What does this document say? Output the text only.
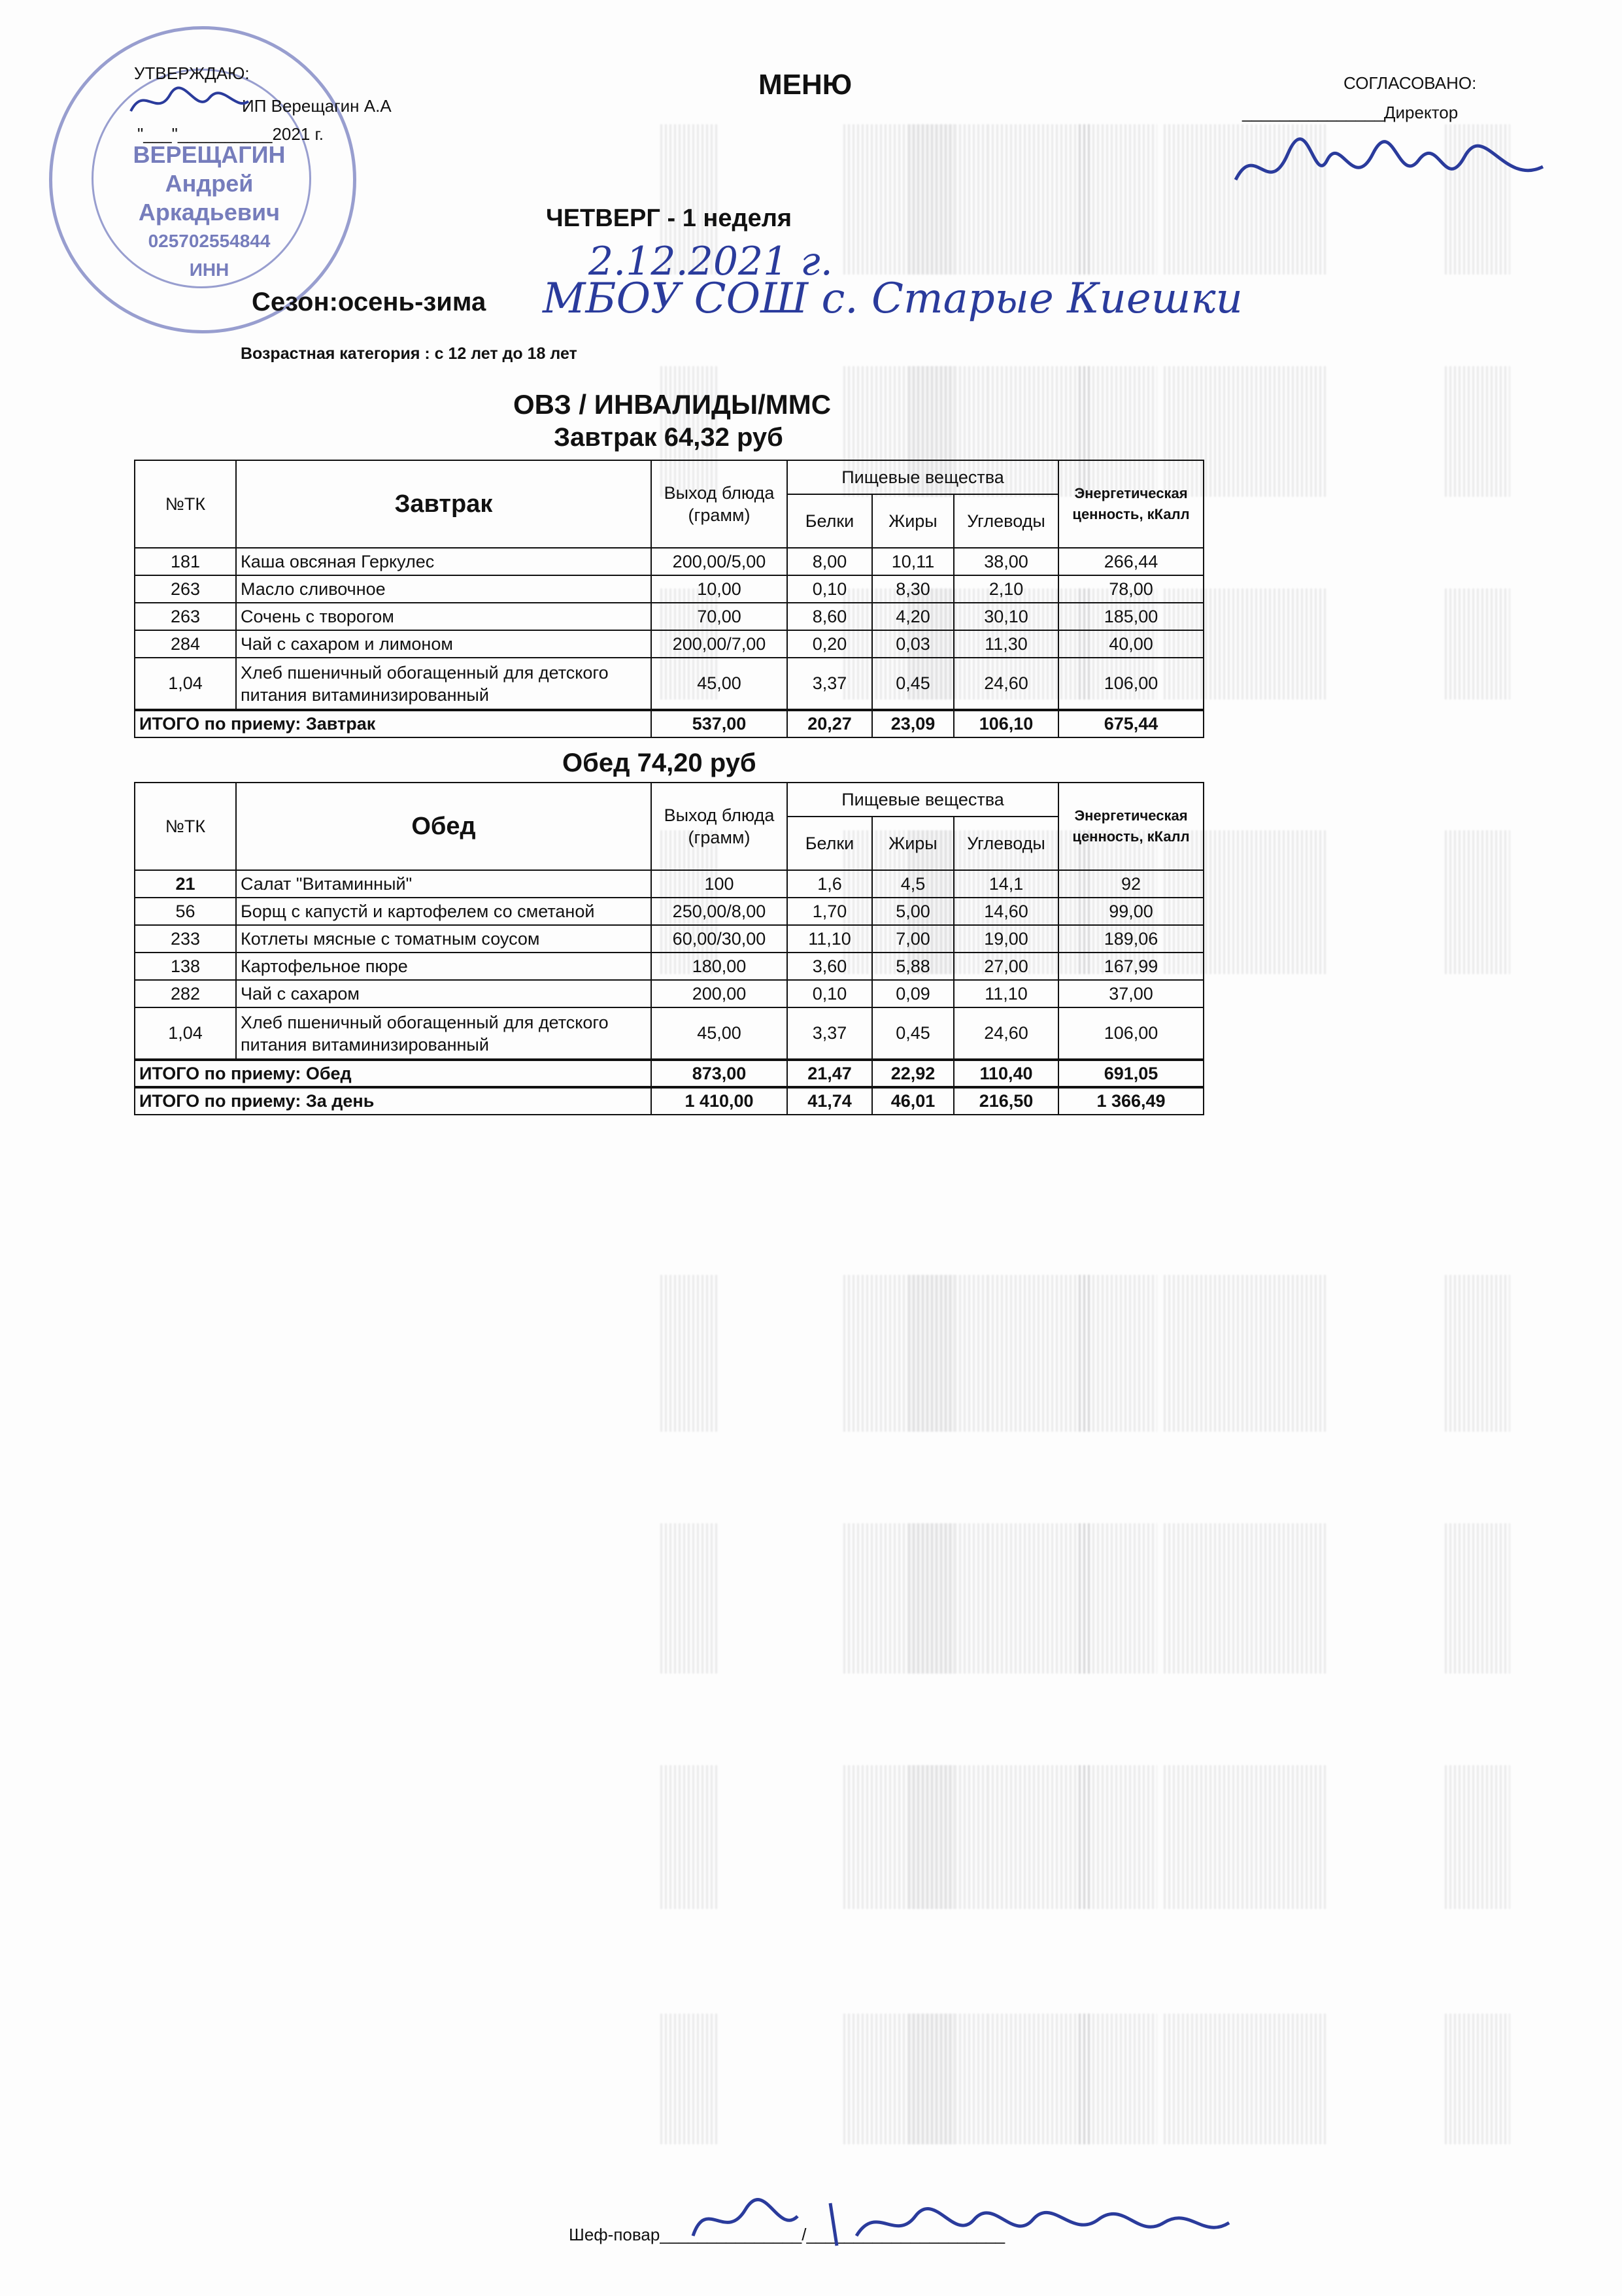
ВЕРЕЩАГИН
Андрей
Аркадьевич
025702554844
ИНН
УТВЕРЖДАЮ:
ИП Верещагин А.А
"___"__________2021 г.
МЕНЮ	СОГЛАСОВАНО:
_______________Директор
ЧЕТВЕРГ - 1 неделя
2.12.2021 г.
Сезон:осень-зима МБОУ СОШ с. Старые Киешки
Возрастная категория : с 12 лет до 18 лет
ОВЗ / ИНВАЛИДЫ/ММС
Завтрак 64,32 руб
№ТК	Завтрак	Выход блюда (грамм)	Пищевые вещества			Энергетическая ценность, кКалл
			Белки	Жиры	Углеводы	
181	Каша овсяная Геркулес	200,00/5,00	8,00	10,11	38,00	266,44
263	Масло сливочное	10,00	0,10	8,30	2,10	78,00
263	Сочень с творогом	70,00	8,60	4,20	30,10	185,00
284	Чай с сахаром и лимоном	200,00/7,00	0,20	0,03	11,30	40,00
1,04	Хлеб пшеничный обогащенный для детского питания витаминизированный	45,00	3,37	0,45	24,60	106,00
ИТОГО по приему: Завтрак		537,00	20,27	23,09	106,10	675,44
Обед 74,20 руб
№ТК	Обед	Выход блюда (грамм)	Пищевые вещества			Энергетическая ценность, кКалл
			Белки	Жиры	Углеводы	
21	Салат "Витаминный"	100	1,6	4,5	14,1	92
56	Борщ с капустй и картофелем со сметаной	250,00/8,00	1,70	5,00	14,60	99,00
233	Котлеты мясные с томатным соусом	60,00/30,00	11,10	7,00	19,00	189,06
138	Картофельное пюре	180,00	3,60	5,88	27,00	167,99
282	Чай с сахаром	200,00	0,10	0,09	11,10	37,00
1,04	Хлеб пшеничный обогащенный для детского питания витаминизированный	45,00	3,37	0,45	24,60	106,00
ИТОГО по приему: Обед		873,00	21,47	22,92	110,40	691,05
ИТОГО по приему: За день		1 410,00	41,74	46,01	216,50	1 366,49
Шеф-повар_______________/_____________________
